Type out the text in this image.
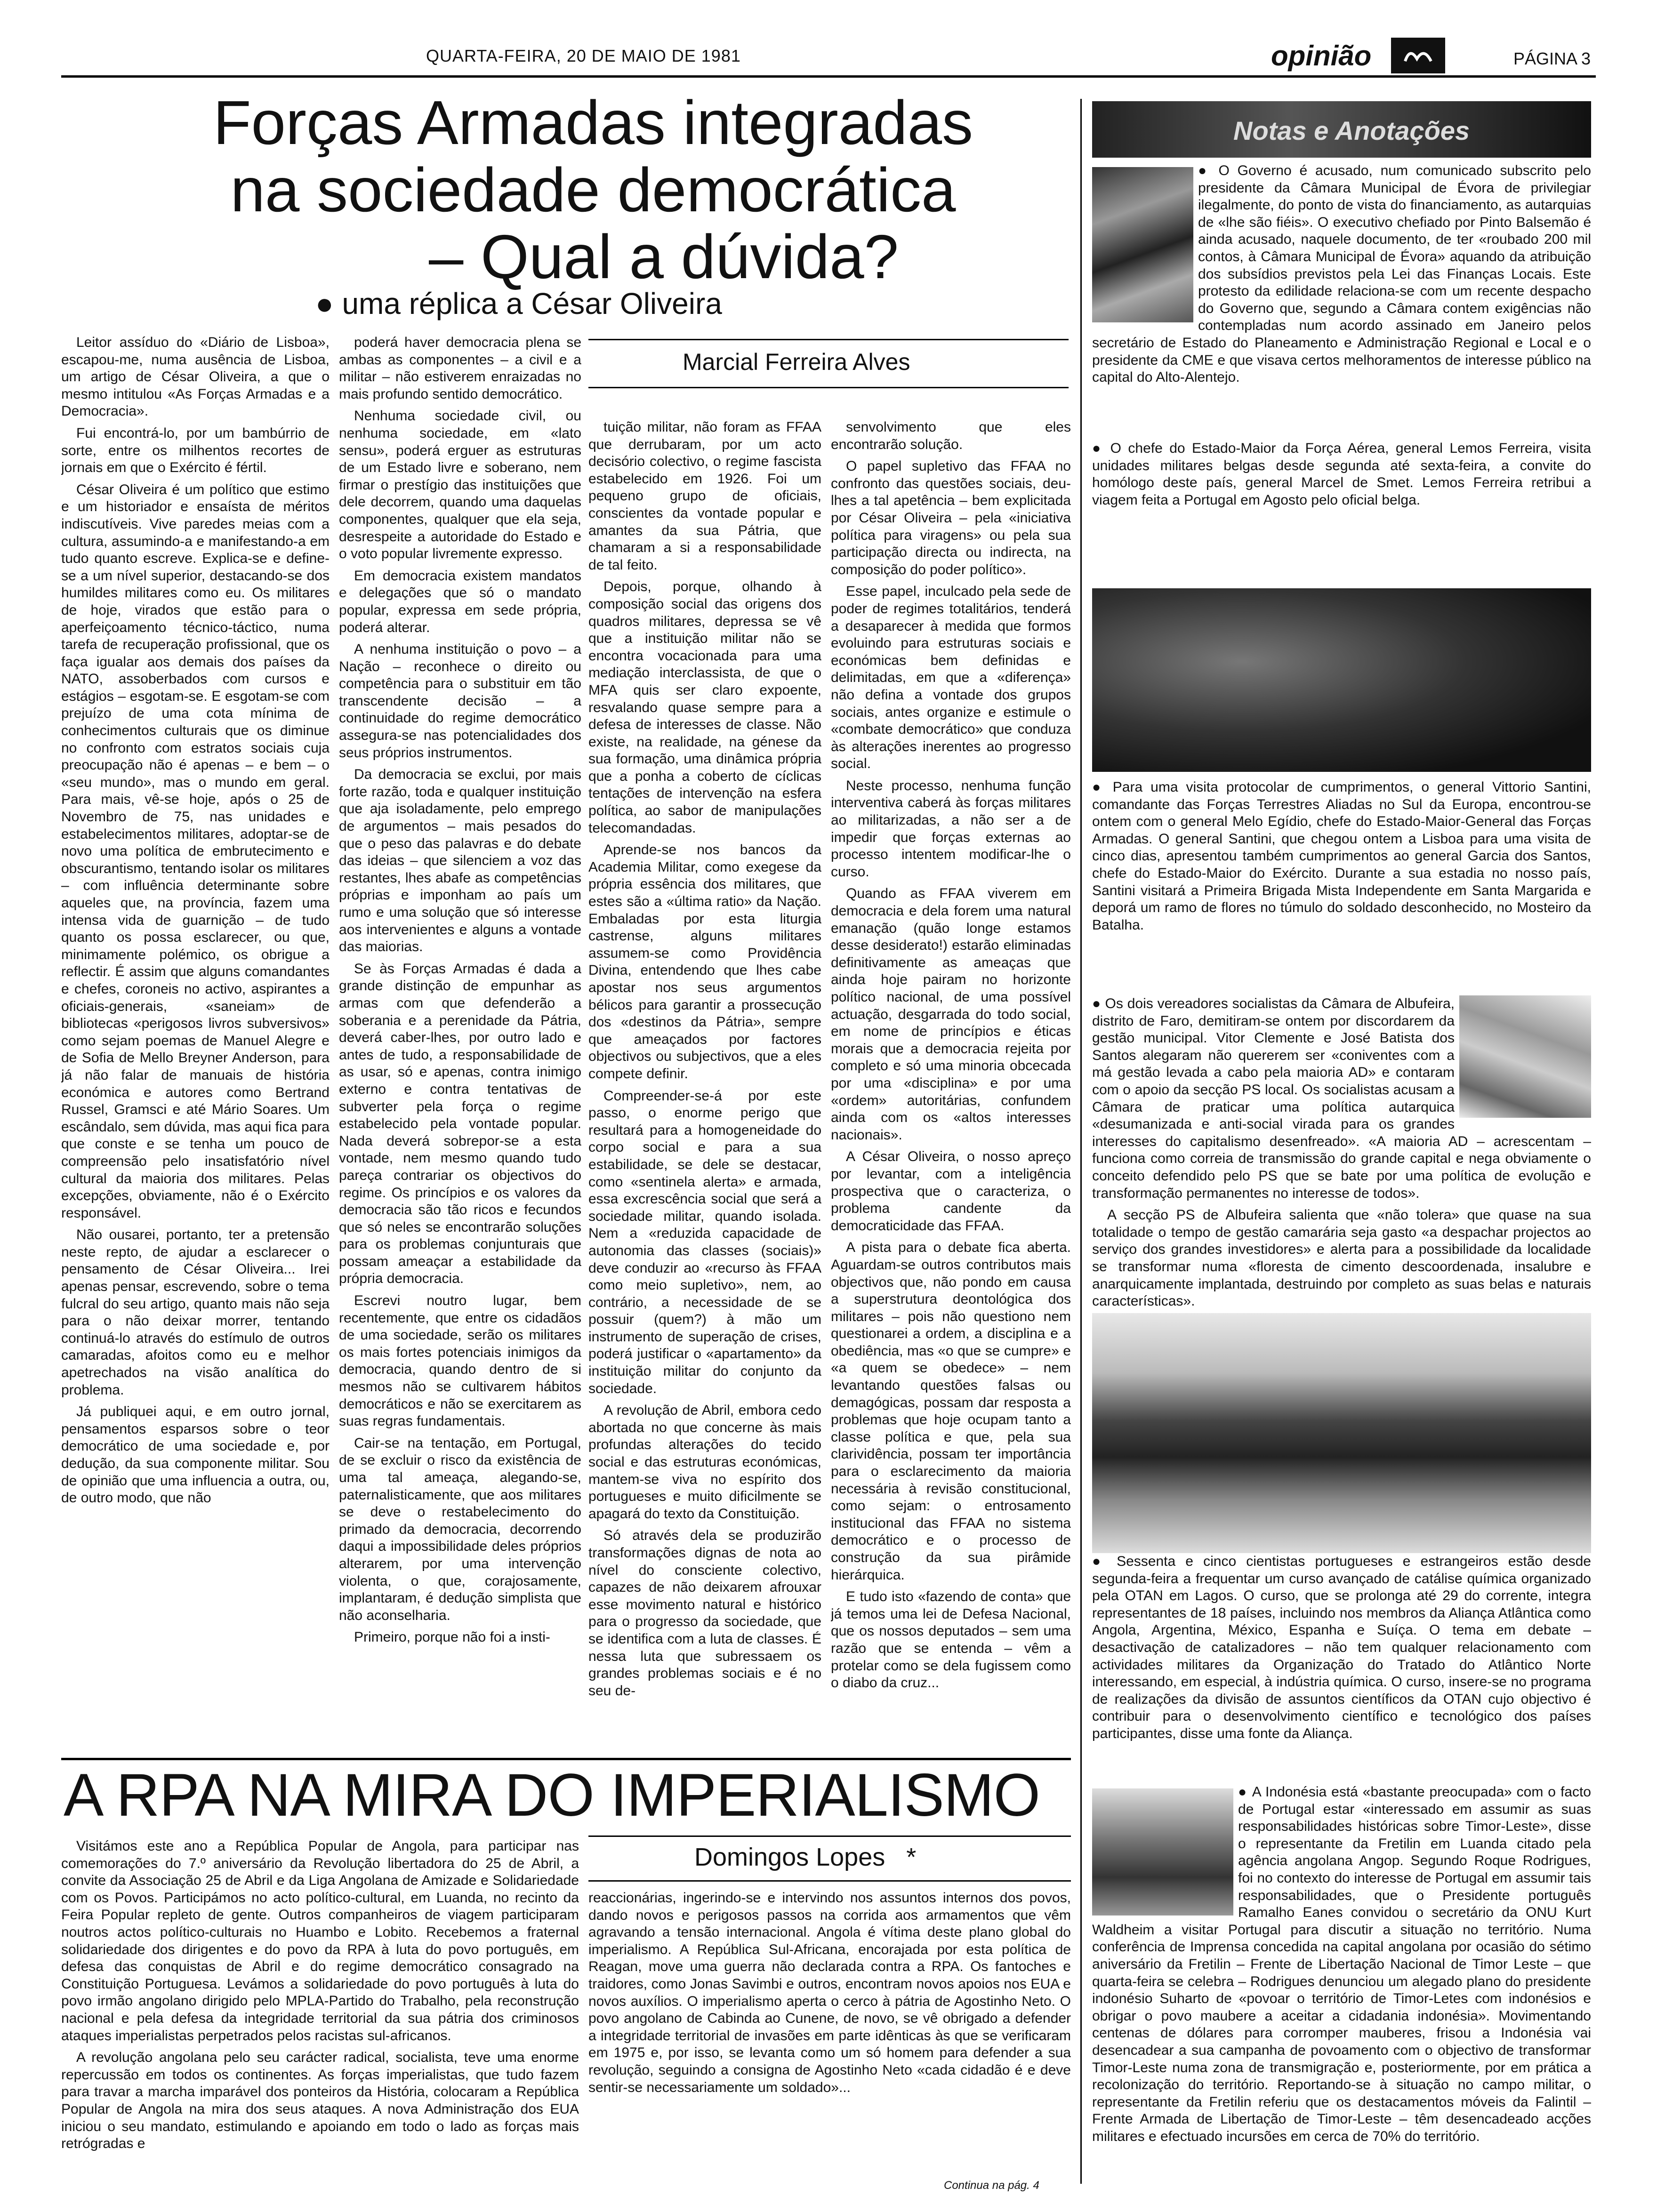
QUARTA-FEIRA, 20 DE MAIO DE 1981	opinião	PÁGINA 3
Forças Armadas integradas
na sociedade democrática
– Qual a dúvida?
● uma réplica a César Oliveira
Marcial Ferreira Alves

Leitor assíduo do «Diário de Lisboa», escapou-me, numa ausência de Lisboa, um artigo de César Oliveira, a que o mesmo intitulou «As Forças Armadas e a Democracia».

Fui encontrá-lo, por um bambúrrio de sorte, entre os milhentos recortes de jornais em que o Exército é fértil.

César Oliveira é um político que estimo e um historiador e ensaísta de méritos indiscutíveis. Vive paredes meias com a cultura, assumindo-a e manifestando-a em tudo quanto escreve. Explica-se e define-se a um nível superior, destacando-se dos humildes militares como eu. Os militares de hoje, virados que estão para o aperfeiçoamento técnico-táctico, numa tarefa de recuperação profissional, que os faça igualar aos demais dos países da NATO, assoberbados com cursos e estágios – esgotam-se. E esgotam-se com prejuízo de uma cota mínima de conhecimentos culturais que os diminue no confronto com estratos sociais cuja preocupação não é apenas – e bem – o «seu mundo», mas o mundo em geral. Para mais, vê-se hoje, após o 25 de Novembro de 75, nas unidades e estabelecimentos militares, adoptar-se de novo uma política de embrutecimento e obscurantismo, tentando isolar os militares – com influência determinante sobre aqueles que, na província, fazem uma intensa vida de guarnição – de tudo quanto os possa esclarecer, ou que, minimamente polémico, os obrigue a reflectir. É assim que alguns comandantes e chefes, coroneis no activo, aspirantes a oficiais-generais, «saneiam» de bibliotecas «perigosos livros subversivos» como sejam poemas de Manuel Alegre e de Sofia de Mello Breyner Anderson, para já não falar de manuais de história económica e autores como Bertrand Russel, Gramsci e até Mário Soares. Um escândalo, sem dúvida, mas aqui fica para que conste e se tenha um pouco de compreensão pelo insatisfatório nível cultural da maioria dos militares. Pelas excepções, obviamente, não é o Exército responsável.

Não ousarei, portanto, ter a pretensão neste repto, de ajudar a esclarecer o pensamento de César Oliveira... Irei apenas pensar, escrevendo, sobre o tema fulcral do seu artigo, quanto mais não seja para o não deixar morrer, tentando continuá-lo através do estímulo de outros camaradas, afoitos como eu e melhor apetrechados na visão analítica do problema.

Já publiquei aqui, e em outro jornal, pensamentos esparsos sobre o teor democrático de uma sociedade e, por dedução, da sua componente militar. Sou de opinião que uma influencia a outra, ou, de outro modo, que não

poderá haver democracia plena se ambas as componentes – a civil e a militar – não estiverem enraizadas no mais profundo sentido democrático.

Nenhuma sociedade civil, ou nenhuma sociedade, em «lato sensu», poderá erguer as estruturas de um Estado livre e soberano, nem firmar o prestígio das instituições que dele decorrem, quando uma daquelas componentes, qualquer que ela seja, desrespeite a autoridade do Estado e o voto popular livremente expresso.

Em democracia existem mandatos e delegações que só o mandato popular, expressa em sede própria, poderá alterar.

A nenhuma instituição o povo – a Nação – reconhece o direito ou competência para o substituir em tão transcendente decisão – a continuidade do regime democrático assegura-se nas potencialidades dos seus próprios instrumentos.

Da democracia se exclui, por mais forte razão, toda e qualquer instituição que aja isoladamente, pelo emprego de argumentos – mais pesados do que o peso das palavras e do debate das ideias – que silenciem a voz das restantes, lhes abafe as competências próprias e imponham ao país um rumo e uma solução que só interesse aos intervenientes e alguns a vontade das maiorias.

Se às Forças Armadas é dada a grande distinção de empunhar as armas com que defenderão a soberania e a perenidade da Pátria, deverá caber-lhes, por outro lado e antes de tudo, a responsabilidade de as usar, só e apenas, contra inimigo externo e contra tentativas de subverter pela força o regime estabelecido pela vontade popular. Nada deverá sobrepor-se a esta vontade, nem mesmo quando tudo pareça contrariar os objectivos do regime. Os princípios e os valores da democracia são tão ricos e fecundos que só neles se encontrarão soluções para os problemas conjunturais que possam ameaçar a estabilidade da própria democracia.

Escrevi noutro lugar, bem recentemente, que entre os cidadãos de uma sociedade, serão os militares os mais fortes potenciais inimigos da democracia, quando dentro de si mesmos não se cultivarem hábitos democráticos e não se exercitarem as suas regras fundamentais.

Cair-se na tentação, em Portugal, de se excluir o risco da existência de uma tal ameaça, alegando-se, paternalisticamente, que aos militares se deve o restabelecimento do primado da democracia, decorrendo daqui a impossibilidade deles próprios alterarem, por uma intervenção violenta, o que, corajosamente, implantaram, é dedução simplista que não aconselharia.

Primeiro, porque não foi a insti-

tuição militar, não foram as FFAA que derrubaram, por um acto decisório colectivo, o regime fascista estabelecido em 1926. Foi um pequeno grupo de oficiais, conscientes da vontade popular e amantes da sua Pátria, que chamaram a si a responsabilidade de tal feito.

Depois, porque, olhando à composição social das origens dos quadros militares, depressa se vê que a instituição militar não se encontra vocacionada para uma mediação interclassista, de que o MFA quis ser claro expoente, resvalando quase sempre para a defesa de interesses de classe. Não existe, na realidade, na génese da sua formação, uma dinâmica própria que a ponha a coberto de cíclicas tentações de intervenção na esfera política, ao sabor de manipulações telecomandadas.

Aprende-se nos bancos da Academia Militar, como exegese da própria essência dos militares, que estes são a «última ratio» da Nação. Embaladas por esta liturgia castrense, alguns militares assumem-se como Providência Divina, entendendo que lhes cabe apostar nos seus argumentos bélicos para garantir a prossecução dos «destinos da Pátria», sempre que ameaçados por factores objectivos ou subjectivos, que a eles compete definir.

Compreender-se-á por este passo, o enorme perigo que resultará para a homogeneidade do corpo social e para a sua estabilidade, se dele se destacar, como «sentinela alerta» e armada, essa excrescência social que será a sociedade militar, quando isolada. Nem a «reduzida capacidade de autonomia das classes (sociais)» deve conduzir ao «recurso às FFAA como meio supletivo», nem, ao contrário, a necessidade de se possuir (quem?) à mão um instrumento de superação de crises, poderá justificar o «apartamento» da instituição militar do conjunto da sociedade.

A revolução de Abril, embora cedo abortada no que concerne às mais profundas alterações do tecido social e das estruturas económicas, mantem-se viva no espírito dos portugueses e muito dificilmente se apagará do texto da Constituição.

Só através dela se produzirão transformações dignas de nota ao nível do consciente colectivo, capazes de não deixarem afrouxar esse movimento natural e histórico para o progresso da sociedade, que se identifica com a luta de classes. É nessa luta que subressaem os grandes problemas sociais e é no seu de-

senvolvimento que eles encontrarão solução.

O papel supletivo das FFAA no confronto das questões sociais, deu-lhes a tal apetência – bem explicitada por César Oliveira – pela «iniciativa política para viragens» ou pela sua participação directa ou indirecta, na composição do poder político».

Esse papel, inculcado pela sede de poder de regimes totalitários, tenderá a desaparecer à medida que formos evoluindo para estruturas sociais e económicas bem definidas e delimitadas, em que a «diferença» não defina a vontade dos grupos sociais, antes organize e estimule o «combate democrático» que conduza às alterações inerentes ao progresso social.

Neste processo, nenhuma função interventiva caberá às forças militares ao militarizadas, a não ser a de impedir que forças externas ao processo intentem modificar-lhe o curso.

Quando as FFAA viverem em democracia e dela forem uma natural emanação (quão longe estamos desse desiderato!) estarão eliminadas definitivamente as ameaças que ainda hoje pairam no horizonte político nacional, de uma possível actuação, desgarrada do todo social, em nome de princípios e éticas morais que a democracia rejeita por completo e só uma minoria obcecada por uma «disciplina» e por uma «ordem» autoritárias, confundem ainda com os «altos interesses nacionais».

A César Oliveira, o nosso apreço por levantar, com a inteligência prospectiva que o caracteriza, o problema candente da democraticidade das FFAA.

A pista para o debate fica aberta. Aguardam-se outros contributos mais objectivos que, não pondo em causa a superstrutura deontológica dos militares – pois não questiono nem questionarei a ordem, a disciplina e a obediência, mas «o que se cumpre» e «a quem se obedece» – nem levantando questões falsas ou demagógicas, possam dar resposta a problemas que hoje ocupam tanto a classe política e que, pela sua clarividência, possam ter importância para o esclarecimento da maioria necessária à revisão constitucional, como sejam: o entrosamento institucional das FFAA no sistema democrático e o processo de construção da sua pirâmide hierárquica.

E tudo isto «fazendo de conta» que já temos uma lei de Defesa Nacional, que os nossos deputados – sem uma razão que se entenda – vêm a protelar como se dela fugissem como o diabo da cruz...

Notas e Anotações

● O Governo é acusado, num comunicado subscrito pelo presidente da Câmara Municipal de Évora de privilegiar ilegalmente, do ponto de vista do financiamento, as autarquias de «lhe são fiéis». O executivo chefiado por Pinto Balsemão é ainda acusado, naquele documento, de ter «roubado 200 mil contos, à Câmara Municipal de Évora» aquando da atribuição dos subsídios previstos pela Lei das Finanças Locais. Este protesto da edilidade relaciona-se com um recente despacho do Governo que, segundo a Câmara contem exigências não contempladas num acordo assinado em Janeiro pelos secretário de Estado do Planeamento e Administração Regional e Local e o presidente da CME e que visava certos melhoramentos de interesse público na capital do Alto-Alentejo.

● O chefe do Estado-Maior da Força Aérea, general Lemos Ferreira, visita unidades militares belgas desde segunda até sexta-feira, a convite do homólogo deste país, general Marcel de Smet. Lemos Ferreira retribui a viagem feita a Portugal em Agosto pelo oficial belga.

● Para uma visita protocolar de cumprimentos, o general Vittorio Santini, comandante das Forças Terrestres Aliadas no Sul da Europa, encontrou-se ontem com o general Melo Egídio, chefe do Estado-Maior-General das Forças Armadas. O general Santini, que chegou ontem a Lisboa para uma visita de cinco dias, apresentou também cumprimentos ao general Garcia dos Santos, chefe do Estado-Maior do Exército. Durante a sua estadia no nosso país, Santini visitará a Primeira Brigada Mista Independente em Santa Margarida e deporá um ramo de flores no túmulo do soldado desconhecido, no Mosteiro da Batalha.

● Os dois vereadores socialistas da Câmara de Albufeira, distrito de Faro, demitiram-se ontem por discordarem da gestão municipal. Vitor Clemente e José Batista dos Santos alegaram não quererem ser «coniventes com a má gestão levada a cabo pela maioria AD» e contaram com o apoio da secção PS local. Os socialistas acusam a Câmara de praticar uma política autarquica «desumanizada e anti-social virada para os grandes interesses do capitalismo desenfreado». «A maioria AD – acrescentam – funciona como correia de transmissão do grande capital e nega obviamente o conceito defendido pelo PS que se bate por uma política de evolução e transformação permanentes no interesse de todos».

A secção PS de Albufeira salienta que «não tolera» que quase na sua totalidade o tempo de gestão camarária seja gasto «a despachar projectos ao serviço dos grandes investidores» e alerta para a possibilidade da localidade se transformar numa «floresta de cimento descoordenada, insalubre e anarquicamente implantada, destruindo por completo as suas belas e naturais características».

● Sessenta e cinco cientistas portugueses e estrangeiros estão desde segunda-feira a frequentar um curso avançado de catálise química organizado pela OTAN em Lagos. O curso, que se prolonga até 29 do corrente, integra representantes de 18 países, incluindo nos membros da Aliança Atlântica como Angola, Argentina, México, Espanha e Suíça. O tema em debate – desactivação de catalizadores – não tem qualquer relacionamento com actividades militares da Organização do Tratado do Atlântico Norte interessando, em especial, à indústria química. O curso, insere-se no programa de realizações da divisão de assuntos científicos da OTAN cujo objectivo é contribuir para o desenvolvimento científico e tecnológico dos países participantes, disse uma fonte da Aliança.

● A Indonésia está «bastante preocupada» com o facto de Portugal estar «interessado em assumir as suas responsabilidades históricas sobre Timor-Leste», disse o representante da Fretilin em Luanda citado pela agência angolana Angop. Segundo Roque Rodrigues, foi no contexto do interesse de Portugal em assumir tais responsabilidades, que o Presidente português Ramalho Eanes convidou o secretário da ONU Kurt Waldheim a visitar Portugal para discutir a situação no território. Numa conferência de Imprensa concedida na capital angolana por ocasião do sétimo aniversário da Fretilin – Frente de Libertação Nacional de Timor Leste – que quarta-feira se celebra – Rodrigues denunciou um alegado plano do presidente indonésio Suharto de «povoar o território de Timor-Letes com indonésios e obrigar o povo maubere a aceitar a cidadania indonésia». Movimentando centenas de dólares para corromper mauberes, frisou a Indonésia vai desencadear a sua campanha de povoamento com o objectivo de transformar Timor-Leste numa zona de transmigração e, posteriormente, por em prática a recolonização do território. Reportando-se à situação no campo militar, o representante da Fretilin referiu que os destacamentos móveis da Falintil – Frente Armada de Libertação de Timor-Leste – têm desencadeado acções militares e efectuado incursões em cerca de 70% do território.

A RPA NA MIRA DO IMPERIALISMO
Domingos Lopes *

Visitámos este ano a República Popular de Angola, para participar nas comemorações do 7.º aniversário da Revolução libertadora do 25 de Abril, a convite da Associação 25 de Abril e da Liga Angolana de Amizade e Solidariedade com os Povos. Participámos no acto político-cultural, em Luanda, no recinto da Feira Popular repleto de gente. Outros companheiros de viagem participaram noutros actos político-culturais no Huambo e Lobito. Recebemos a fraternal solidariedade dos dirigentes e do povo da RPA à luta do povo português, em defesa das conquistas de Abril e do regime democrático consagrado na Constituição Portuguesa. Levámos a solidariedade do povo português à luta do povo irmão angolano dirigido pelo MPLA-Partido do Trabalho, pela reconstrução nacional e pela defesa da integridade territorial da sua pátria dos criminosos ataques imperialistas perpetrados pelos racistas sul-africanos.

A revolução angolana pelo seu carácter radical, socialista, teve uma enorme repercussão em todos os continentes. As forças imperialistas, que tudo fazem para travar a marcha imparável dos ponteiros da História, colocaram a República Popular de Angola na mira dos seus ataques. A nova Administração dos EUA iniciou o seu mandato, estimulando e apoiando em todo o lado as forças mais retrógradas e

reaccionárias, ingerindo-se e intervindo nos assuntos internos dos povos, dando novos e perigosos passos na corrida aos armamentos que vêm agravando a tensão internacional. Angola é vítima deste plano global do imperialismo. A República Sul-Africana, encorajada por esta política de Reagan, move uma guerra não declarada contra a RPA. Os fantoches e traidores, como Jonas Savimbi e outros, encontram novos apoios nos EUA e novos auxílios. O imperialismo aperta o cerco à pátria de Agostinho Neto. O povo angolano de Cabinda ao Cunene, de novo, se vê obrigado a defender a integridade territorial de invasões em parte idênticas às que se verificaram em 1975 e, por isso, se levanta como um só homem para defender a sua revolução, seguindo a consigna de Agostinho Neto «cada cidadão é e deve sentir-se necessariamente um soldado»...

Continua na pág. 4
